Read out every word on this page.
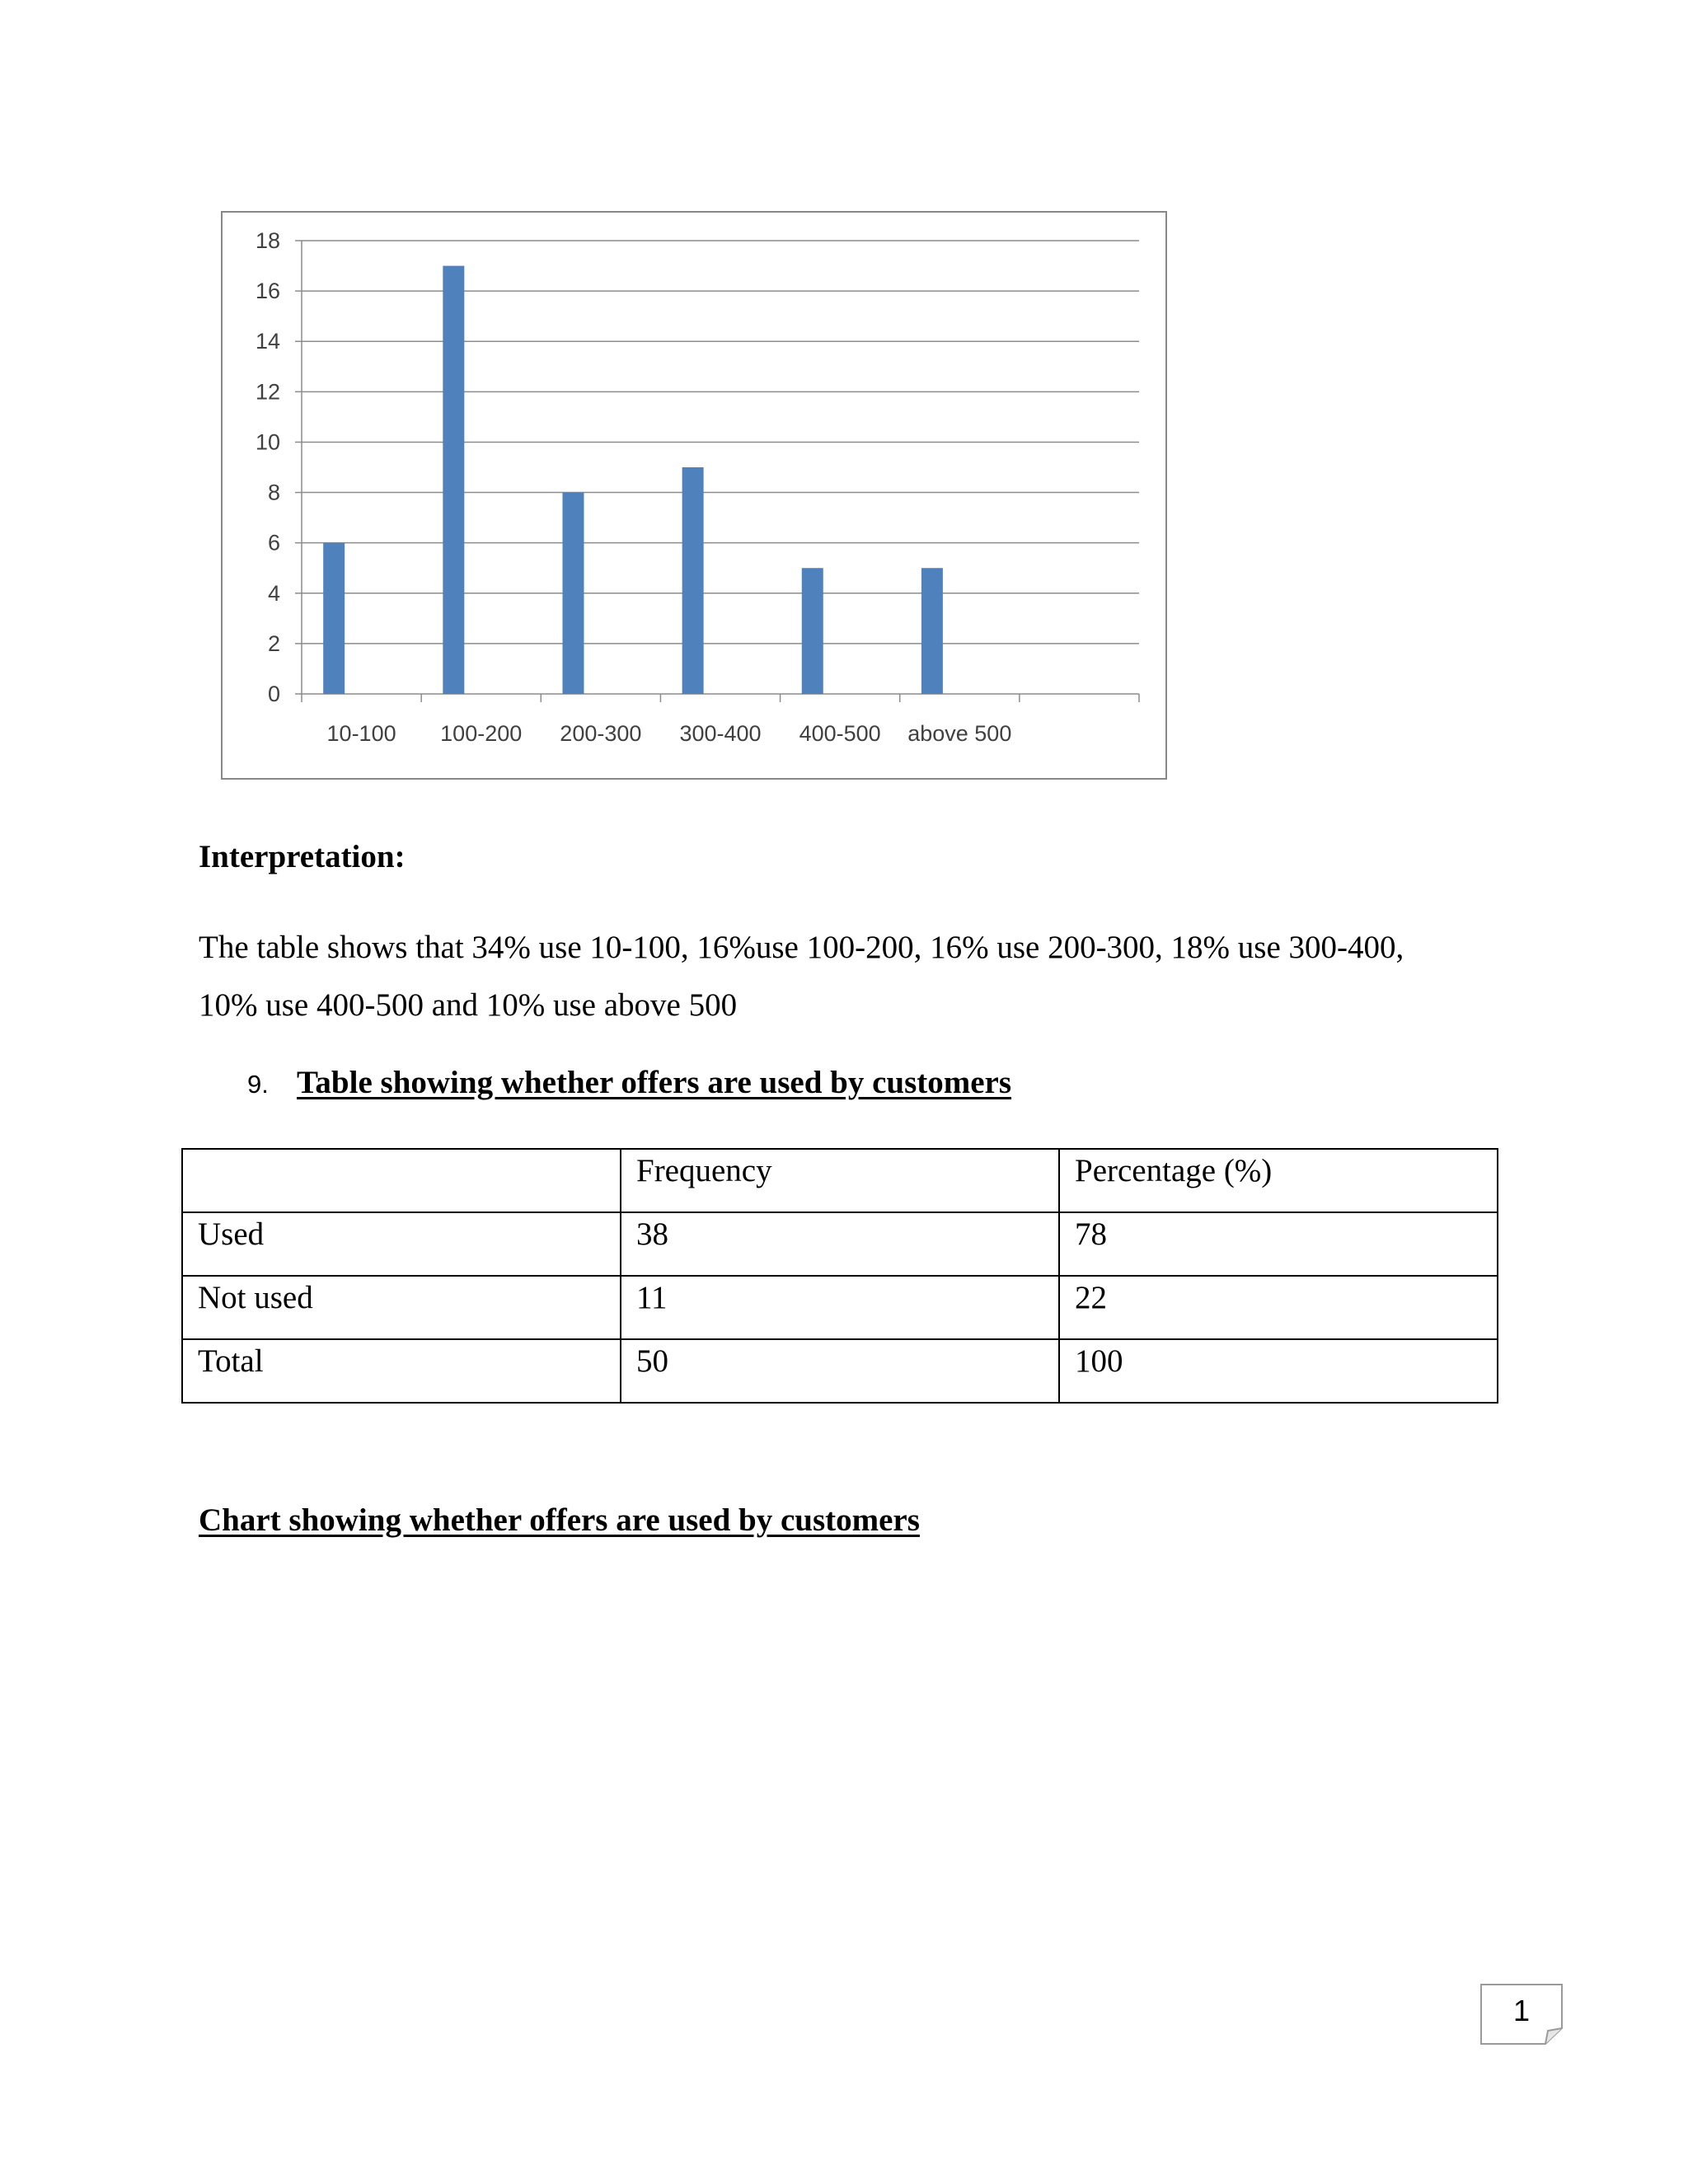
0
2
4
6
8
10
12
14
16
18
10-100 100-200 200-300 300-400 400-500 above 500
Interpretation:

The table shows that 34% use 10-100, 16%use 100-200, 16% use 200-300, 18% use 300-400,

10% use 400-500 and 10% use above 500

9. Table showing whether offers are used by customers
	Frequency	Percentage (%)
Used	38	78
Not used	11	22
Total	50	100
Chart showing whether offers are used by customers
1
